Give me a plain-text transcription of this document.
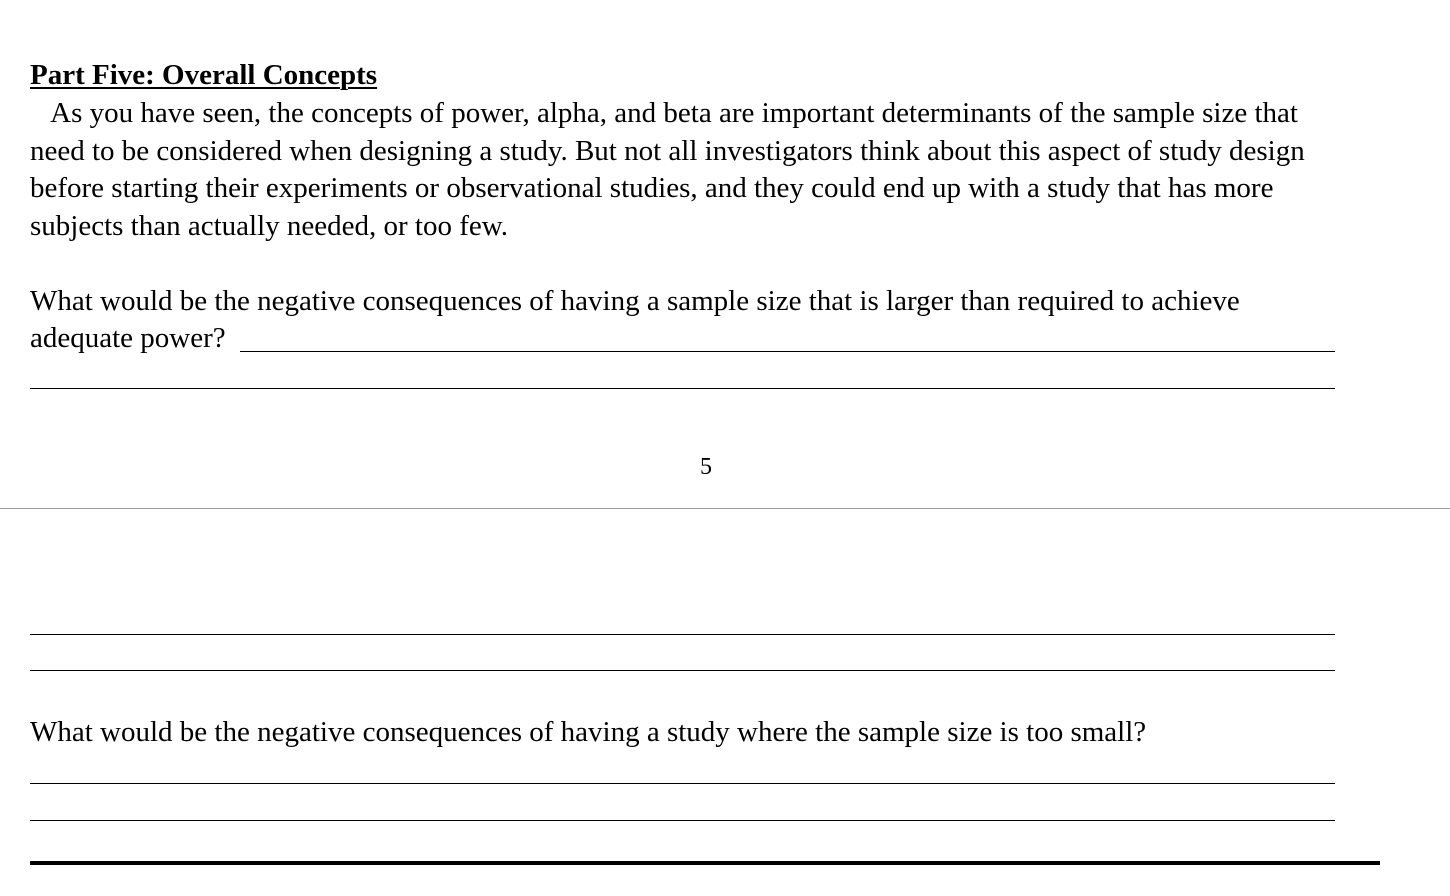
Part Five: Overall Concepts
As you have seen, the concepts of power, alpha, and beta are important determinants of the sample size that
need to be considered when designing a study. But not all investigators think about this aspect of study design
before starting their experiments or observational studies, and they could end up with a study that has more
subjects than actually needed, or too few.
What would be the negative consequences of having a sample size that is larger than required to achieve
adequate power?
5
What would be the negative consequences of having a study where the sample size is too small?
